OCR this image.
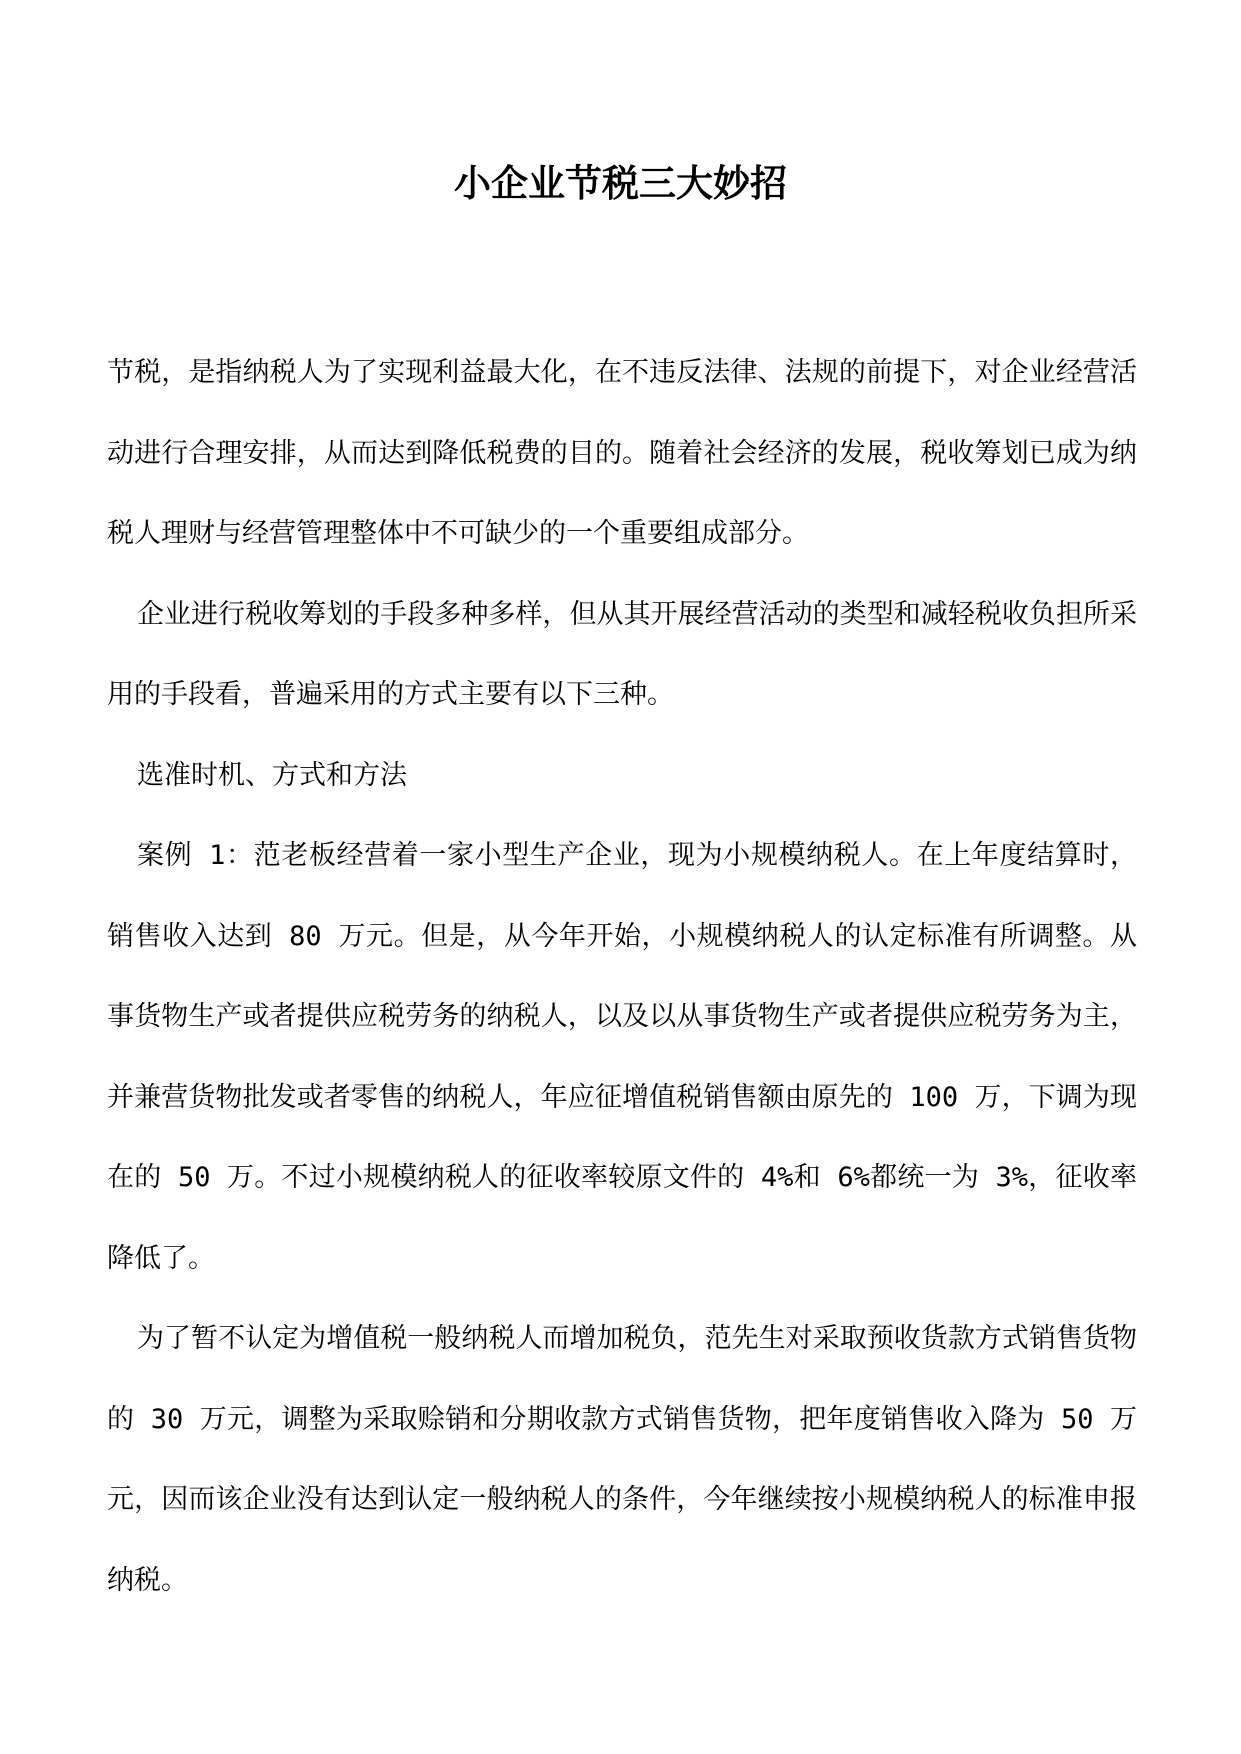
小企业节税三大妙招

节税，是指纳税人为了实现利益最大化，在不违反法律、法规的前提下，对企业经营活动进行合理安排，从而达到降低税费的目的。随着社会经济的发展，税收筹划已成为纳税人理财与经营管理整体中不可缺少的一个重要组成部分。

企业进行税收筹划的手段多种多样，但从其开展经营活动的类型和减轻税收负担所采用的手段看，普遍采用的方式主要有以下三种。

选准时机、方式和方法

案例 1：范老板经营着一家小型生产企业，现为小规模纳税人。在上年度结算时，销售收入达到 80 万元。但是，从今年开始，小规模纳税人的认定标准有所调整。从事货物生产或者提供应税劳务的纳税人，以及以从事货物生产或者提供应税劳务为主，并兼营货物批发或者零售的纳税人，年应征增值税销售额由原先的 100 万，下调为现在的 50 万。不过小规模纳税人的征收率较原文件的 4%和 6%都统一为 3%，征收率降低了。

为了暂不认定为增值税一般纳税人而增加税负，范先生对采取预收货款方式销售货物的 30 万元，调整为采取赊销和分期收款方式销售货物，把年度销售收入降为 50 万元，因而该企业没有达到认定一般纳税人的条件，今年继续按小规模纳税人的标准申报纳税。
